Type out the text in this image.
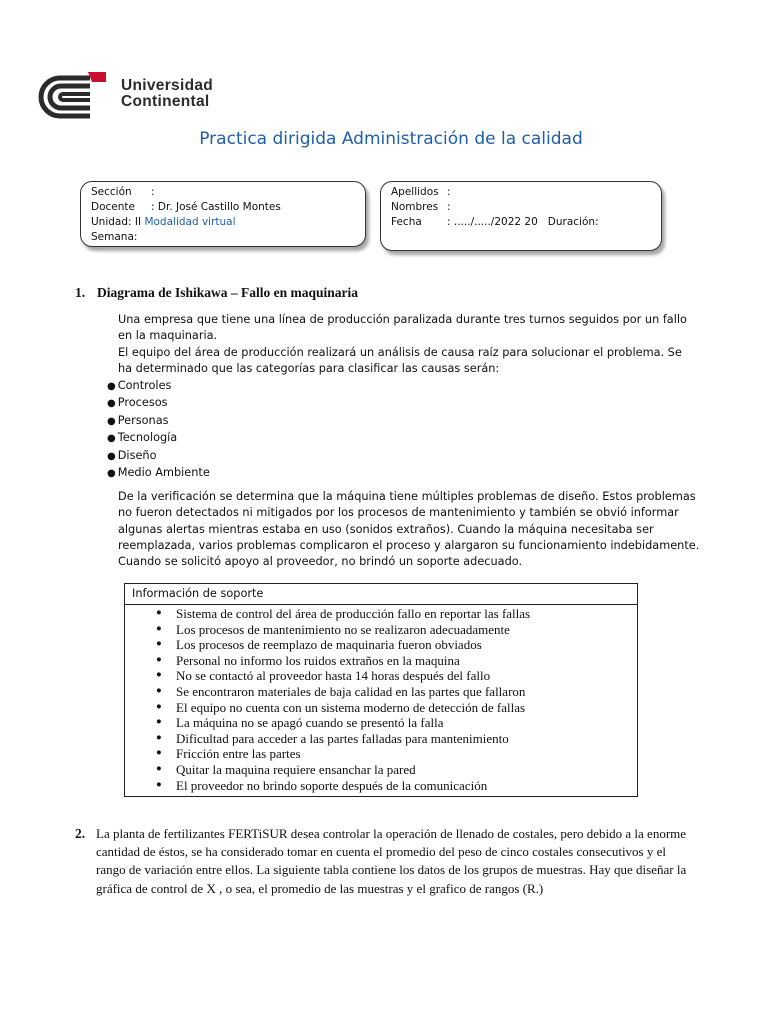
Universidad
Continental
Practica dirigida Administración de la calidad
Sección :
Docente : Dr. José Castillo Montes
Unidad: II Modalidad virtual
Semana:
Apellidos :
Nombres :
Fecha : ...../...../2022 20 Duración:
1. Diagrama de Ishikawa – Fallo en maquinaria
Una empresa que tiene una línea de producción paralizada durante tres turnos seguidos por un fallo en la maquinaria.
El equipo del área de producción realizará un análisis de causa raíz para solucionar el problema. Se ha determinado que las categorías para clasificar las causas serán:
● Controles
● Procesos
● Personas
● Tecnología
● Diseño
● Medio Ambiente
De la verificación se determina que la máquina tiene múltiples problemas de diseño. Estos problemas no fueron detectados ni mitigados por los procesos de mantenimiento y también se obvió informar algunas alertas mientras estaba en uso (sonidos extraños). Cuando la máquina necesitaba ser reemplazada, varios problemas complicaron el proceso y alargaron su funcionamiento indebidamente. Cuando se solicitó apoyo al proveedor, no brindó un soporte adecuado.
Información de soporte
● Sistema de control del área de producción fallo en reportar las fallas
● Los procesos de mantenimiento no se realizaron adecuadamente
● Los procesos de reemplazo de maquinaria fueron obviados
● Personal no informo los ruidos extraños en la maquina
● No se contactó al proveedor hasta 14 horas después del fallo
● Se encontraron materiales de baja calidad en las partes que fallaron
● El equipo no cuenta con un sistema moderno de detección de fallas
● La máquina no se apagó cuando se presentó la falla
● Dificultad para acceder a las partes falladas para mantenimiento
● Fricción entre las partes
● Quitar la maquina requiere ensanchar la pared
● El proveedor no brindo soporte después de la comunicación
2. La planta de fertilizantes FERTiSUR desea controlar la operación de llenado de costales, pero debido a la enorme cantidad de éstos, se ha considerado tomar en cuenta el promedio del peso de cinco costales consecutivos y el rango de variación entre ellos. La siguiente tabla contiene los datos de los grupos de muestras. Hay que diseñar la gráfica de control de X , o sea, el promedio de las muestras y el grafico de rangos (R.)
